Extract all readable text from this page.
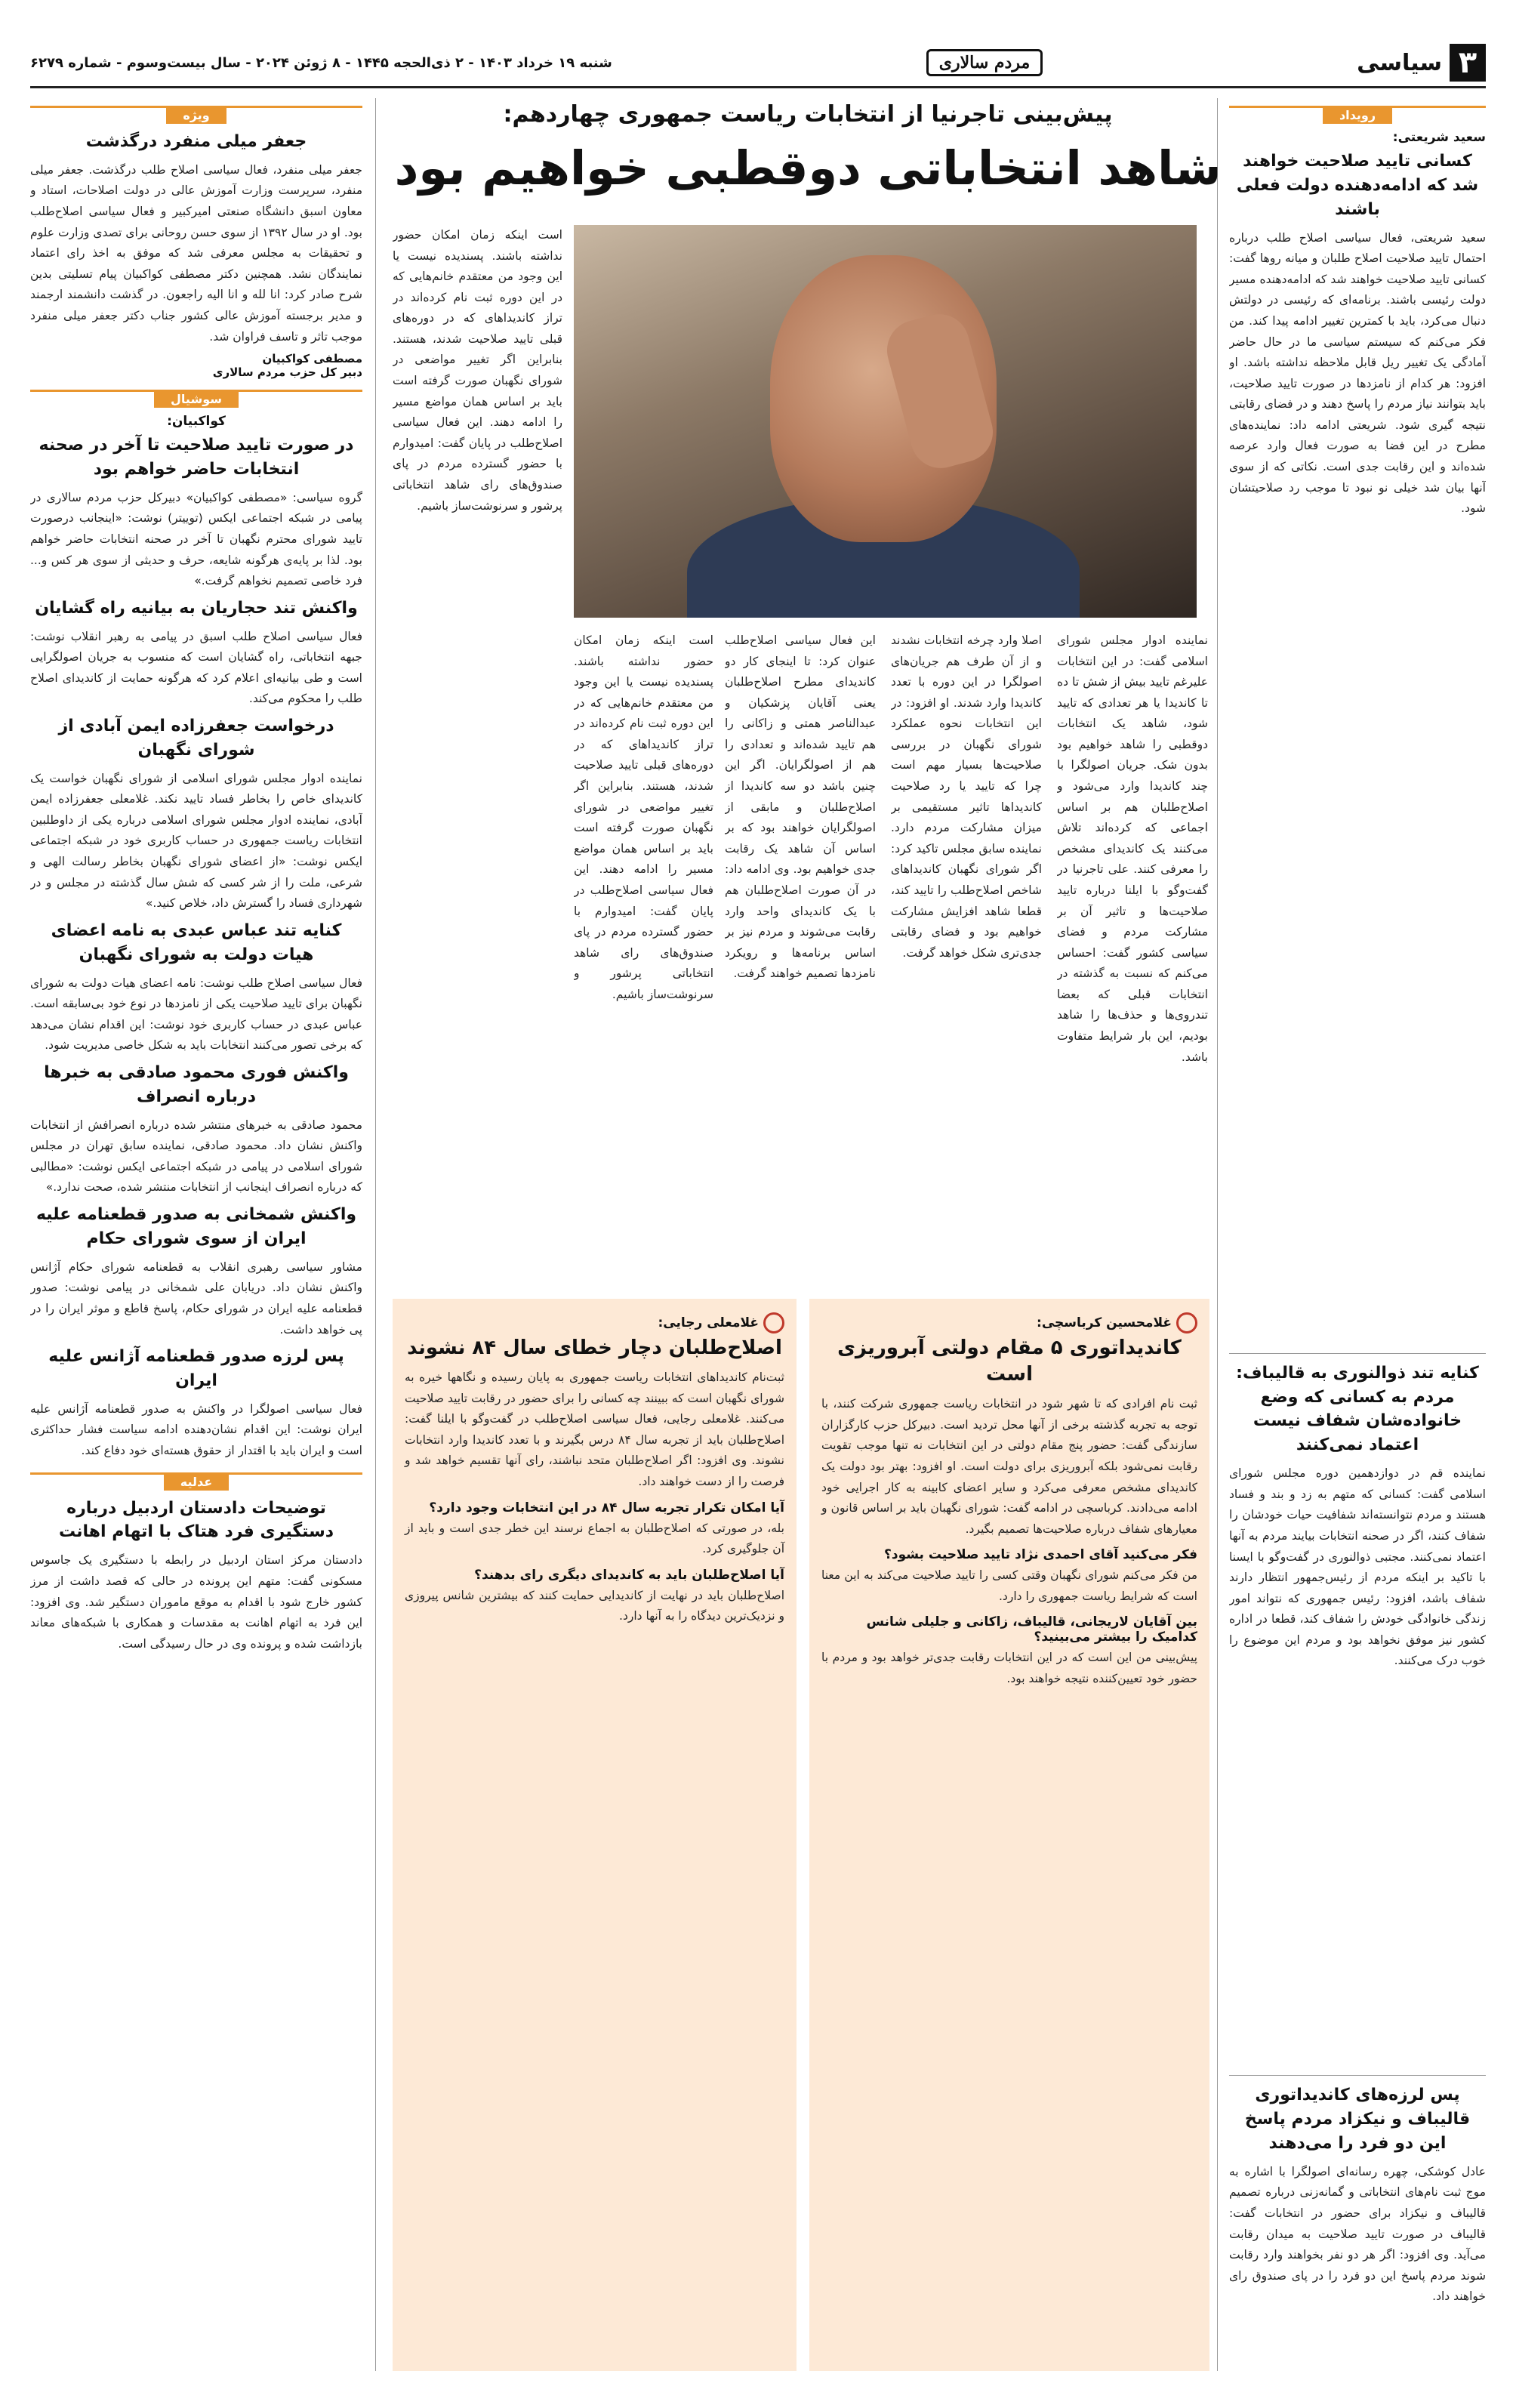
۳
سیاسی
مردم سالاری
شنبه ۱۹ خرداد ۱۴۰۳ - ۲ ذی‌الحجه ۱۴۴۵ - ۸ ژوئن ۲۰۲۴ - سال بیست‌وسوم - شماره ۶۲۷۹
رویداد
سعید شریعتی:
کسانی تایید صلاحیت خواهند شد که ادامه‌دهنده دولت فعلی باشند
سعید شریعتی، فعال سیاسی اصلاح طلب درباره احتمال تایید صلاحیت اصلاح طلبان و میانه روها گفت: کسانی تایید صلاحیت خواهند شد که ادامه‌دهنده مسیر دولت رئیسی باشند. برنامه‌ای که رئیسی در دولتش دنبال می‌کرد، باید با کمترین تغییر ادامه پیدا کند. من فکر می‌کنم که سیستم سیاسی ما در حال حاضر آمادگی یک تغییر ریل قابل ملاحظه نداشته باشد. او افزود: هر کدام از نامزدها در صورت تایید صلاحیت، باید بتوانند نیاز مردم را پاسخ دهند و در فضای رقابتی نتیجه گیری شود. شریعتی ادامه داد: نماینده‌های مطرح در این فضا به صورت فعال وارد عرصه شده‌اند و این رقابت جدی است. نکاتی که از سوی آنها بیان شد خیلی نو نبود تا موجب رد صلاحیتشان شود.
کنایه تند ذوالنوری به قالیباف: مردم به کسانی که وضع خانواده‌شان شفاف نیست اعتماد نمی‌کنند
نماینده قم در دوازدهمین دوره مجلس شورای اسلامی گفت: کسانی که متهم به زد و بند و فساد هستند و مردم نتوانسته‌اند شفافیت حیات خودشان را شفاف کنند، اگر در صحنه انتخابات بیایند مردم به آنها اعتماد نمی‌کنند. مجتبی ذوالنوری در گفت‌وگو با ایسنا با تاکید بر اینکه مردم از رئیس‌جمهور انتظار دارند شفاف باشد، افزود: رئیس جمهوری که نتواند امور زندگی خانوادگی خودش را شفاف کند، قطعا در اداره کشور نیز موفق نخواهد بود و مردم این موضوع را خوب درک می‌کنند.
پس لرزه‌های کاندیداتوری قالیباف و نیکزاد مردم پاسخ این دو فرد را می‌دهند
عادل کوشکی، چهره رسانه‌ای اصولگرا با اشاره به موج ثبت نام‌های انتخاباتی و گمانه‌زنی درباره تصمیم قالیباف و نیکزاد برای حضور در انتخابات گفت: قالیباف در صورت تایید صلاحیت به میدان رقابت می‌آید. وی افزود: اگر هر دو نفر بخواهند وارد رقابت شوند مردم پاسخ این دو فرد را در پای صندوق رای خواهند داد.
ویژه
جعفر میلی منفرد درگذشت
جعفر میلی منفرد، فعال سیاسی اصلاح طلب درگذشت. جعفر میلی منفرد، سرپرست وزارت آموزش عالی در دولت اصلاحات، استاد و معاون اسبق دانشگاه صنعتی امیرکبیر و فعال سیاسی اصلاح‌طلب بود. او در سال ۱۳۹۲ از سوی حسن روحانی برای تصدی وزارت علوم و تحقیقات به مجلس معرفی شد که موفق به اخذ رای اعتماد نمایندگان نشد. همچنین دکتر مصطفی کواکبیان پیام تسلیتی بدین شرح صادر کرد: انا لله و انا الیه راجعون. در گذشت دانشمند ارجمند و مدیر برجسته آموزش عالی کشور جناب دکتر جعفر میلی منفرد موجب تاثر و تاسف فراوان شد.
مصطفی کواکبیان
دبیر کل حزب مردم سالاری
سوشیال
کواکبیان:
در صورت تایید صلاحیت تا آخر در صحنه انتخابات حاضر خواهم بود
گروه سیاسی: «مصطفی کواکبیان» دبیرکل حزب مردم سالاری در پیامی در شبکه اجتماعی ایکس (توییتر) نوشت: «اینجانب درصورت تایید شورای محترم نگهبان تا آخر در صحنه انتخابات حاضر خواهم بود. لذا بر پایه‌ی هرگونه شایعه، حرف و حدیثی از سوی هر کس و... فرد خاصی تصمیم نخواهم گرفت.»
واکنش تند حجاریان به بیانیه راه گشایان
فعال سیاسی اصلاح طلب اسبق در پیامی به رهبر انقلاب نوشت: جبهه انتخاباتی، راه گشایان است که منسوب به جریان اصولگرایی است و طی بیانیه‌ای اعلام کرد که هرگونه حمایت از کاندیدای اصلاح طلب را محکوم می‌کند.
درخواست جعفرزاده ایمن آبادی از شورای نگهبان
نماینده ادوار مجلس شورای اسلامی از شورای نگهبان خواست یک کاندیدای خاص را بخاطر فساد تایید نکند. غلامعلی جعفرزاده ایمن آبادی، نماینده ادوار مجلس شورای اسلامی درباره یکی از داوطلبین انتخابات ریاست جمهوری در حساب کاربری خود در شبکه اجتماعی ایکس نوشت: «از اعضای شورای نگهبان بخاطر رسالت الهی و شرعی، ملت را از شر کسی که شش سال گذشته در مجلس و در شهرداری فساد را گسترش داد، خلاص کنید.»
کنایه تند عباس عبدی به نامه اعضای هیات دولت به شورای نگهبان
فعال سیاسی اصلاح طلب نوشت: نامه اعضای هیات دولت به شورای نگهبان برای تایید صلاحیت یکی از نامزدها در نوع خود بی‌سابقه است. عباس عبدی در حساب کاربری خود نوشت: این اقدام نشان می‌دهد که برخی تصور می‌کنند انتخابات باید به شکل خاصی مدیریت شود.
واکنش فوری محمود صادقی به خبرها درباره انصراف
محمود صادقی به خبرهای منتشر شده درباره انصرافش از انتخابات واکنش نشان داد. محمود صادقی، نماینده سابق تهران در مجلس شورای اسلامی در پیامی در شبکه اجتماعی ایکس نوشت: «مطالبی که درباره انصراف اینجانب از انتخابات منتشر شده، صحت ندارد.»
واکنش شمخانی به صدور قطعنامه علیه ایران از سوی شورای حکام
مشاور سیاسی رهبری انقلاب به قطعنامه شورای حکام آژانس واکنش نشان داد. دریابان علی شمخانی در پیامی نوشت: صدور قطعنامه علیه ایران در شورای حکام، پاسخ قاطع و موثر ایران را در پی خواهد داشت.
پس لرزه صدور قطعنامه آژانس علیه ایران
فعال سیاسی اصولگرا در واکنش به صدور قطعنامه آژانس علیه ایران نوشت: این اقدام نشان‌دهنده ادامه سیاست فشار حداکثری است و ایران باید با اقتدار از حقوق هسته‌ای خود دفاع کند.
عدلیه
توضیحات دادستان اردبیل درباره دستگیری فرد هتاک با اتهام اهانت
دادستان مرکز استان اردبیل در رابطه با دستگیری یک جاسوس مسکونی گفت: متهم این پرونده در حالی که قصد داشت از مرز کشور خارج شود با اقدام به موقع ماموران دستگیر شد. وی افزود: این فرد به اتهام اهانت به مقدسات و همکاری با شبکه‌های معاند بازداشت شده و پرونده وی در حال رسیدگی است.
پیش‌بینی تاجرنیا از انتخابات ریاست جمهوری چهاردهم:
شاهد انتخاباتی دوقطبی خواهیم بود
است اینکه زمان امکان حضور نداشته باشند. پسندیده نیست یا این وجود من معتقدم خانم‌هایی که در این دوره ثبت نام کرده‌اند در تراز کاندیداهای که در دوره‌های قبلی تایید صلاحیت شدند، هستند. بنابراین اگر تغییر مواضعی در شورای نگهبان صورت گرفته است باید بر اساس همان مواضع مسیر را ادامه دهند. این فعال سیاسی اصلاح‌طلب در پایان گفت: امیدوارم با حضور گسترده مردم در پای صندوق‌های رای شاهد انتخاباتی پرشور و سرنوشت‌ساز باشیم.
نماینده ادوار مجلس شورای اسلامی گفت: در این انتخابات علیرغم تایید بیش از شش تا ده تا کاندیدا یا هر تعدادی که تایید شود، شاهد یک انتخابات دوقطبی را شاهد خواهیم بود بدون شک. جریان اصولگرا با چند کاندیدا وارد می‌شود و اصلاح‌طلبان هم بر اساس اجماعی که کرده‌اند تلاش می‌کنند یک کاندیدای مشخص را معرفی کنند. علی تاجرنیا در گفت‌وگو با ایلنا درباره تایید صلاحیت‌ها و تاثیر آن بر مشارکت مردم و فضای سیاسی کشور گفت: احساس می‌کنم که نسبت به گذشته در انتخابات قبلی که بعضا تندروی‌ها و حذف‌ها را شاهد بودیم، این بار شرایط متفاوت باشد.
اصلا وارد چرخه انتخابات نشدند و از آن طرف هم جریان‌های اصولگرا در این دوره با تعدد کاندیدا وارد شدند. او افزود: در این انتخابات نحوه عملکرد شورای نگهبان در بررسی صلاحیت‌ها بسیار مهم است چرا که تایید یا رد صلاحیت کاندیداها تاثیر مستقیمی بر میزان مشارکت مردم دارد. نماینده سابق مجلس تاکید کرد: اگر شورای نگهبان کاندیداهای شاخص اصلاح‌طلب را تایید کند، قطعا شاهد افزایش مشارکت خواهیم بود و فضای رقابتی جدی‌تری شکل خواهد گرفت.
این فعال سیاسی اصلاح‌طلب عنوان کرد: تا اینجای کار دو کاندیدای مطرح اصلاح‌طلبان یعنی آقایان پزشکیان و عبدالناصر همتی و زاکانی را هم تایید شده‌اند و تعدادی را هم از اصولگرایان. اگر این چنین باشد دو سه کاندیدا از اصلاح‌طلبان و مابقی از اصولگرایان خواهند بود که بر اساس آن شاهد یک رقابت جدی خواهیم بود. وی ادامه داد: در آن صورت اصلاح‌طلبان هم با یک کاندیدای واحد وارد رقابت می‌شوند و مردم نیز بر اساس برنامه‌ها و رویکرد نامزدها تصمیم خواهند گرفت.
است اینکه زمان امکان حضور نداشته باشند. پسندیده نیست یا این وجود من معتقدم خانم‌هایی که در این دوره ثبت نام کرده‌اند در تراز کاندیداهای که در دوره‌های قبلی تایید صلاحیت شدند، هستند. بنابراین اگر تغییر مواضعی در شورای نگهبان صورت گرفته است باید بر اساس همان مواضع مسیر را ادامه دهند. این فعال سیاسی اصلاح‌طلب در پایان گفت: امیدوارم با حضور گسترده مردم در پای صندوق‌های رای شاهد انتخاباتی پرشور و سرنوشت‌ساز باشیم.
غلامحسین کرباسچی:
کاندیداتوری ۵ مقام دولتی آبروریزی است
ثبت نام افرادی که تا شهر شود در انتخابات ریاست جمهوری شرکت کنند، با توجه به تجربه گذشته برخی از آنها محل تردید است. دبیرکل حزب کارگزاران سازندگی گفت: حضور پنج مقام دولتی در این انتخابات نه تنها موجب تقویت رقابت نمی‌شود بلکه آبروریزی برای دولت است. او افزود: بهتر بود دولت یک کاندیدای مشخص معرفی می‌کرد و سایر اعضای کابینه به کار اجرایی خود ادامه می‌دادند. کرباسچی در ادامه گفت: شورای نگهبان باید بر اساس قانون و معیارهای شفاف درباره صلاحیت‌ها تصمیم بگیرد.
فکر می‌کنید آقای احمدی نژاد تایید صلاحیت بشود؟
من فکر می‌کنم شورای نگهبان وقتی کسی را تایید صلاحیت می‌کند به این معنا است که شرایط ریاست جمهوری را دارد.
بین آقایان لاریجانی، قالیباف، زاکانی و جلیلی شانس کدامیک را بیشتر می‌بینید؟
پیش‌بینی من این است که در این انتخابات رقابت جدی‌تر خواهد بود و مردم با حضور خود تعیین‌کننده نتیجه خواهند بود.
غلامعلی رجایی:
اصلاح‌طلبان دچار خطای سال ۸۴ نشوند
ثبت‌نام کاندیداهای انتخابات ریاست جمهوری به پایان رسیده و نگاهها خیره به شورای نگهبان است که ببینند چه کسانی را برای حضور در رقابت تایید صلاحیت می‌کنند. غلامعلی رجایی، فعال سیاسی اصلاح‌طلب در گفت‌وگو با ایلنا گفت: اصلاح‌طلبان باید از تجربه سال ۸۴ درس بگیرند و با تعدد کاندیدا وارد انتخابات نشوند. وی افزود: اگر اصلاح‌طلبان متحد نباشند، رای آنها تقسیم خواهد شد و فرصت را از دست خواهند داد.
آیا امکان تکرار تجربه سال ۸۴ در این انتخابات وجود دارد؟
بله، در صورتی که اصلاح‌طلبان به اجماع نرسند این خطر جدی است و باید از آن جلوگیری کرد.
آیا اصلاح‌طلبان باید به کاندیدای دیگری رای بدهند؟
اصلاح‌طلبان باید در نهایت از کاندیدایی حمایت کنند که بیشترین شانس پیروزی و نزدیک‌ترین دیدگاه را به آنها دارد.
